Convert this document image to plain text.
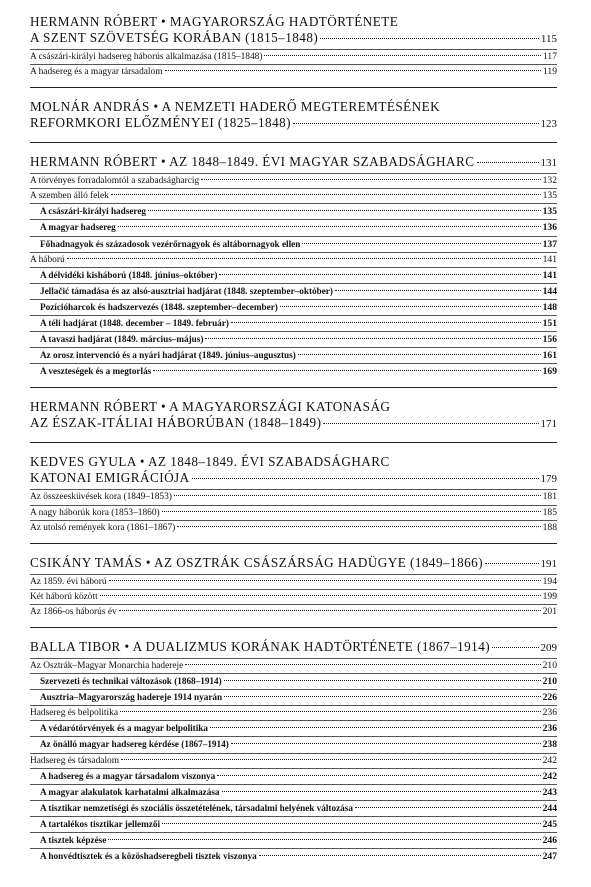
HERMANN RÓBERT • MAGYARORSZÁG HADTÖRTÉNETE
A SZENT SZÖVETSÉG KORÁBAN (1815–1848)	115
A császári-királyi hadsereg háborús alkalmazása (1815–1848)	117
A hadsereg és a magyar társadalom	119
MOLNÁR ANDRÁS • A NEMZETI HADERŐ MEGTEREMTÉSÉNEK
REFORMKORI ELŐZMÉNYEI (1825–1848)	123
HERMANN RÓBERT • AZ 1848–1849. ÉVI MAGYAR SZABADSÁGHARC	131
A törvényes forradalomtól a szabadságharcig	132
A szemben álló felek	135
A császári-királyi hadsereg	135
A magyar hadsereg	136
Főhadnagyok és századosok vezérőrnagyok és altábornagyok ellen	137
A háború	141
A délvidéki kisháború (1848. június–október)	141
Jellačić támadása és az alsó-ausztriai hadjárat (1848. szeptember–október)	144
Pozícióharcok és hadszervezés (1848. szeptember–december)	148
A téli hadjárat (1848. december – 1849. február)	151
A tavaszi hadjárat (1849. március–május)	156
Az orosz intervenció és a nyári hadjárat (1849. június–augusztus)	161
A veszteségek és a megtorlás	169
HERMANN RÓBERT • A MAGYARORSZÁGI KATONASÁG
AZ ÉSZAK-ITÁLIAI HÁBORÚBAN (1848–1849)	171
KEDVES GYULA • AZ 1848–1849. ÉVI SZABADSÁGHARC
KATONAI EMIGRÁCIÓJA	179
Az összeesküvések kora (1849–1853)	181
A nagy háborúk kora (1853–1860)	185
Az utolsó remények kora (1861–1867)	188
CSIKÁNY TAMÁS • AZ OSZTRÁK CSÁSZÁRSÁG HADÜGYE (1849–1866)	191
Az 1859. évi háború	194
Két háború között	199
Az 1866-os háborús év	201
BALLA TIBOR • A DUALIZMUS KORÁNAK HADTÖRTÉNETE (1867–1914)	209
Az Osztrák–Magyar Monarchia hadereje	210
Szervezeti és technikai változások (1868–1914)	210
Ausztria–Magyarország hadereje 1914 nyarán	226
Hadsereg és belpolitika	236
A védarótörvények és a magyar belpolitika	236
Az önálló magyar hadsereg kérdése (1867–1914)	238
Hadsereg és társadalom	242
A hadsereg és a magyar társadalom viszonya	242
A magyar alakulatok karhatalmi alkalmazása	243
A tisztikar nemzetiségi és szociális összetételének, társadalmi helyének változása	244
A tartalékos tisztikar jellemzői	245
A tisztek képzése	246
A honvédtisztek és a közöshadseregbeli tisztek viszonya	247
